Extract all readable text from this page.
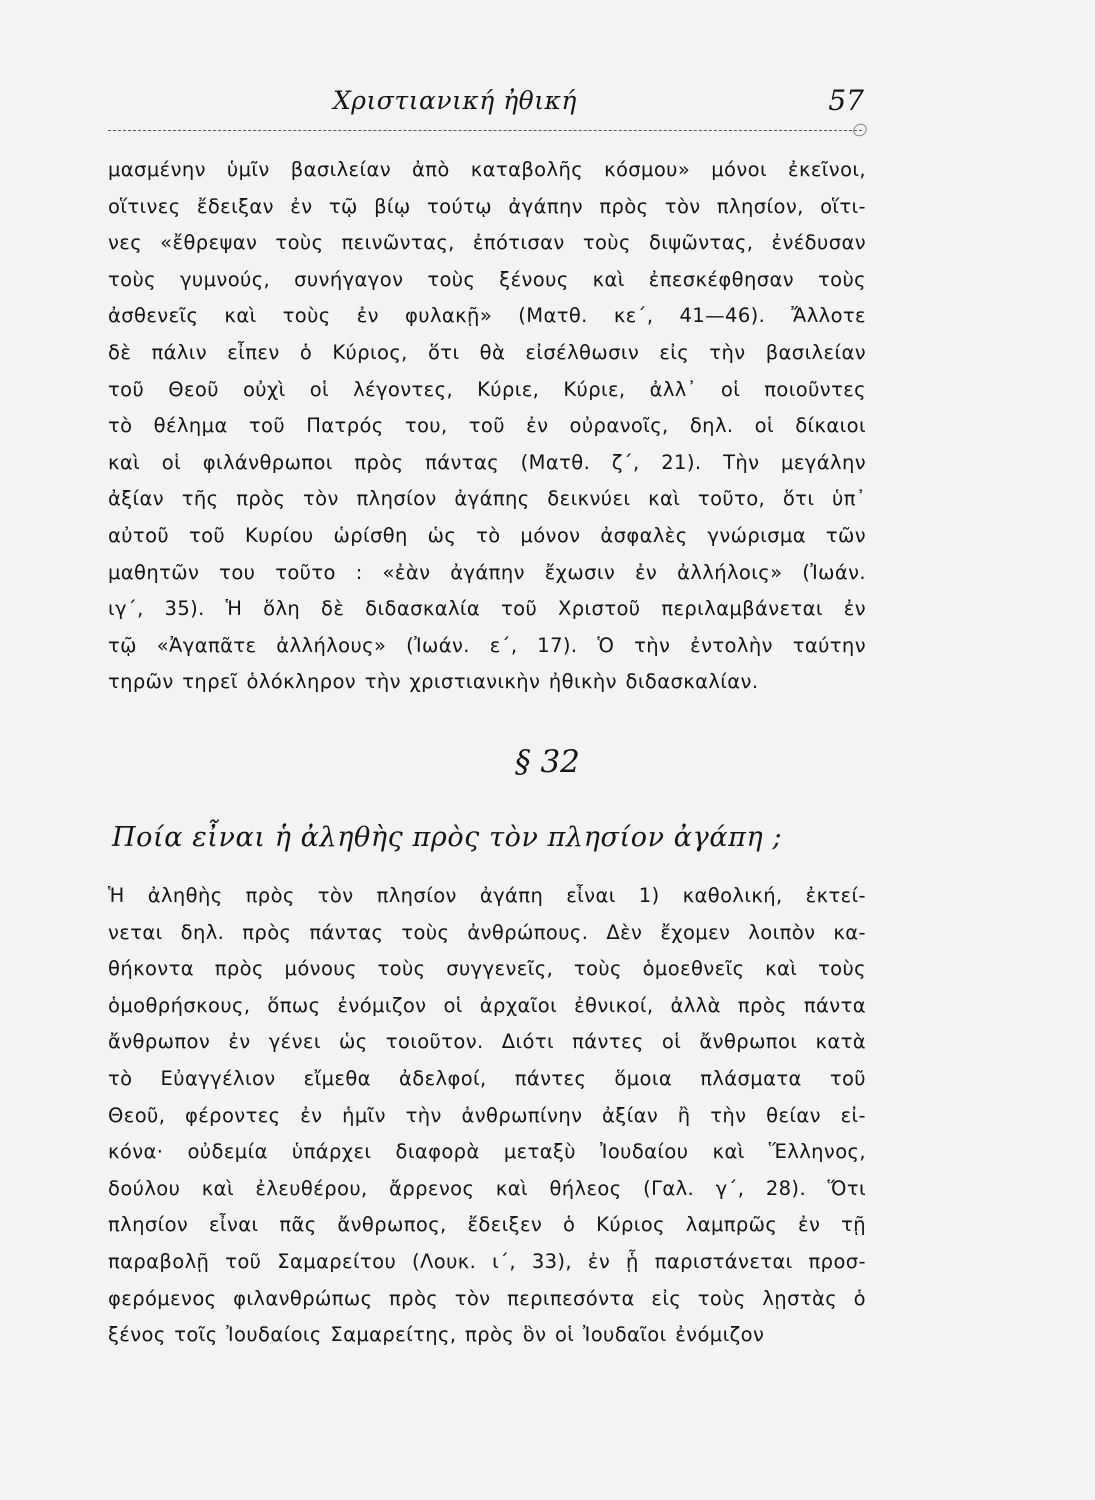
Χριστιανική ἠθική	57

μασμένην ὑμῖν βασιλείαν ἀπὸ καταβολῆς κόσμου» μόνοι ἐκεῖνοι,

οἵτινες ἔδειξαν ἐν τῷ βίῳ τούτῳ ἀγάπην πρὸς τὸν πλησίον, οἵτι-

νες «ἔθρεψαν τοὺς πεινῶντας, ἐπότισαν τοὺς διψῶντας, ἐνέδυσαν

τοὺς γυμνούς, συνήγαγον τοὺς ξένους καὶ ἐπεσκέφθησαν τοὺς

ἀσθενεῖς καὶ τοὺς ἐν φυλακῇ» (Ματθ. κε΄, 41—46). Ἄλλοτε

δὲ πάλιν εἶπεν ὁ Κύριος, ὅτι θὰ εἰσέλθωσιν εἰς τὴν βασιλείαν

τοῦ Θεοῦ οὐχὶ οἱ λέγοντες, Κύριε, Κύριε, ἀλλ᾽ οἱ ποιοῦντες

τὸ θέλημα τοῦ Πατρός του, τοῦ ἐν οὐρανοῖς, δηλ. οἱ δίκαιοι

καὶ οἱ φιλάνθρωποι πρὸς πάντας (Ματθ. ζ΄, 21). Τὴν μεγάλην

ἀξίαν τῆς πρὸς τὸν πλησίον ἀγάπης δεικνύει καὶ τοῦτο, ὅτι ὑπ᾽

αὐτοῦ τοῦ Κυρίου ὡρίσθη ὡς τὸ μόνον ἀσφαλὲς γνώρισμα τῶν

μαθητῶν του τοῦτο : «ἐὰν ἀγάπην ἔχωσιν ἐν ἀλλήλοις» (Ἰωάν.

ιγ΄, 35). Ἡ ὅλη δὲ διδασκαλία τοῦ Χριστοῦ περιλαμβάνεται ἐν

τῷ «Ἀγαπᾶτε ἀλλήλους» (Ἰωάν. ε΄, 17). Ὁ τὴν ἐντολὴν ταύτην

τηρῶν τηρεῖ ὁλόκληρον τὴν χριστιανικὴν ἠθικὴν διδασκαλίαν.

§ 32
Ποία εἶναι ἡ ἀληθὴς πρὸς τὸν πλησίον ἀγάπη ;

Ἡ ἀληθὴς πρὸς τὸν πλησίον ἀγάπη εἶναι 1) καθολική, ἐκτεί-

νεται δηλ. πρὸς πάντας τοὺς ἀνθρώπους. Δὲν ἔχομεν λοιπὸν κα-

θήκοντα πρὸς μόνους τοὺς συγγενεῖς, τοὺς ὁμοεθνεῖς καὶ τοὺς

ὁμοθρήσκους, ὅπως ἐνόμιζον οἱ ἀρχαῖοι ἐθνικοί, ἀλλὰ πρὸς πάντα

ἄνθρωπον ἐν γένει ὡς τοιοῦτον. Διότι πάντες οἱ ἄνθρωποι κατὰ

τὸ Εὐαγγέλιον εἴμεθα ἀδελφοί, πάντες ὅμοια πλάσματα τοῦ

Θεοῦ, φέροντες ἐν ἡμῖν τὴν ἀνθρωπίνην ἀξίαν ἢ τὴν θείαν εἰ-

κόνα· οὐδεμία ὑπάρχει διαφορὰ μεταξὺ Ἰουδαίου καὶ Ἕλληνος,

δούλου καὶ ἐλευθέρου, ἄρρενος καὶ θήλεος (Γαλ. γ΄, 28). Ὅτι

πλησίον εἶναι πᾶς ἄνθρωπος, ἔδειξεν ὁ Κύριος λαμπρῶς ἐν τῇ

παραβολῇ τοῦ Σαμαρείτου (Λουκ. ι΄, 33), ἐν ᾗ παριστάνεται προσ-

φερόμενος φιλανθρώπως πρὸς τὸν περιπεσόντα εἰς τοὺς λῃστὰς ὁ

ξένος τοῖς Ἰουδαίοις Σαμαρείτης, πρὸς ὃν οἱ Ἰουδαῖοι ἐνόμιζον
